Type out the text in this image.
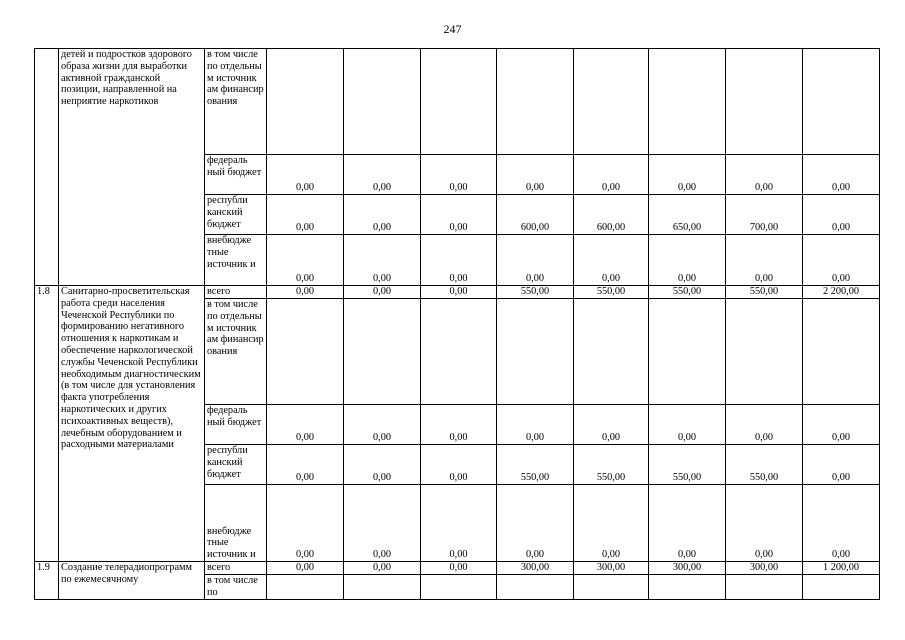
247
	детей и подростков здорового образа жизни для выработки активной гражданской позиции, направленной на неприятие наркотиков	в том числе по отдельны м источник ам финансир ования								
		федераль ный бюджет	0,00	0,00	0,00	0,00	0,00	0,00	0,00	0,00
		республи канский бюджет	0,00	0,00	0,00	600,00	600,00	650,00	700,00	0,00
		внебюдже тные источник и	0,00	0,00	0,00	0,00	0,00	0,00	0,00	0,00
1.8	Санитарно-просветительская работа среди населения Чеченской Республики по формированию негативного отношения к наркотикам и обеспечение наркологической службы Чеченской Республики необходимым диагностическим (в том числе для установления факта употребления наркотических и других психоактивных веществ), лечебным оборудованием и расходными материалами	всего	0,00	0,00	0,00	550,00	550,00	550,00	550,00	2 200,00
		в том числе по отдельны м источник ам финансир ования								
		федераль ный бюджет	0,00	0,00	0,00	0,00	0,00	0,00	0,00	0,00
		республи канский бюджет	0,00	0,00	0,00	550,00	550,00	550,00	550,00	0,00
		внебюдже тные источник и	0,00	0,00	0,00	0,00	0,00	0,00	0,00	0,00
1.9	Создание телерадиопрограмм по ежемесячному	всего	0,00	0,00	0,00	300,00	300,00	300,00	300,00	1 200,00
		в том числе по								
